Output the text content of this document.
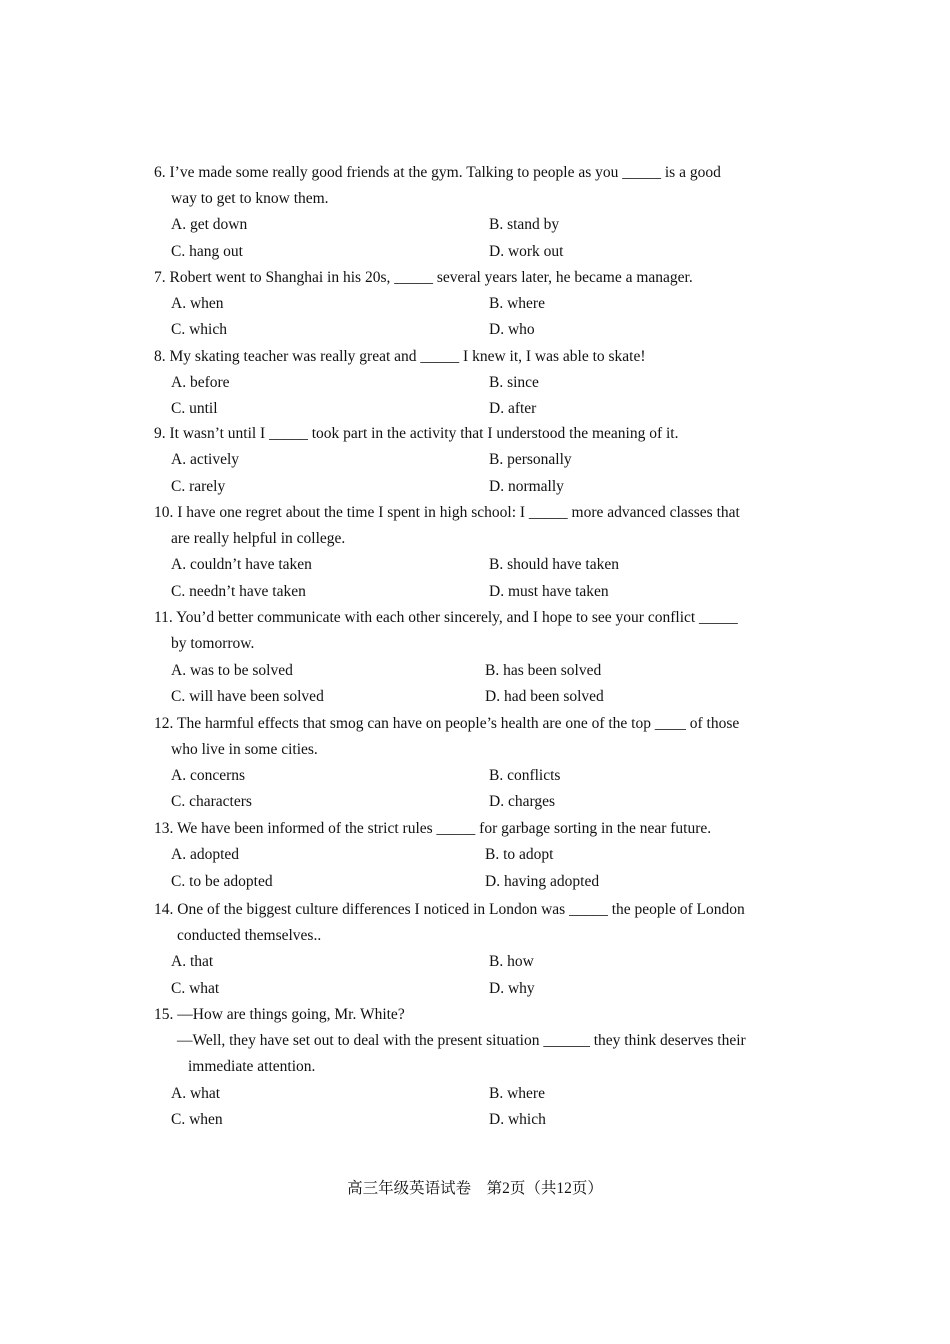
6. I’ve made some really good friends at the gym. Talking to people as you _____ is a good
way to get to know them.
A. get down	B. stand by
C. hang out	D. work out
7. Robert went to Shanghai in his 20s, _____ several years later, he became a manager.
A. when	B. where
C. which	D. who
8. My skating teacher was really great and _____ I knew it, I was able to skate!
A. before	B. since
C. until	D. after
9. It wasn’t until I _____ took part in the activity that I understood the meaning of it.
A. actively	B. personally
C. rarely	D. normally
10. I have one regret about the time I spent in high school: I _____ more advanced classes that
are really helpful in college.
A. couldn’t have taken	B. should have taken
C. needn’t have taken	D. must have taken
11. You’d better communicate with each other sincerely, and I hope to see your conflict _____
by tomorrow.
A. was to be solved	B. has been solved
C. will have been solved	D. had been solved
12. The harmful effects that smog can have on people’s health are one of the top ____ of those
who live in some cities.
A. concerns	B. conflicts
C. characters	D. charges
13. We have been informed of the strict rules _____ for garbage sorting in the near future.
A. adopted	B. to adopt
C. to be adopted	D. having adopted
14. One of the biggest culture differences I noticed in London was _____ the people of London
conducted themselves..
A. that	B. how
C. what	D. why
15. —How are things going, Mr. White?
—Well, they have set out to deal with the present situation ______ they think deserves their
immediate attention.
A. what	B. where
C. when	D. which
高三年级英语试卷　第2页（共12页）
